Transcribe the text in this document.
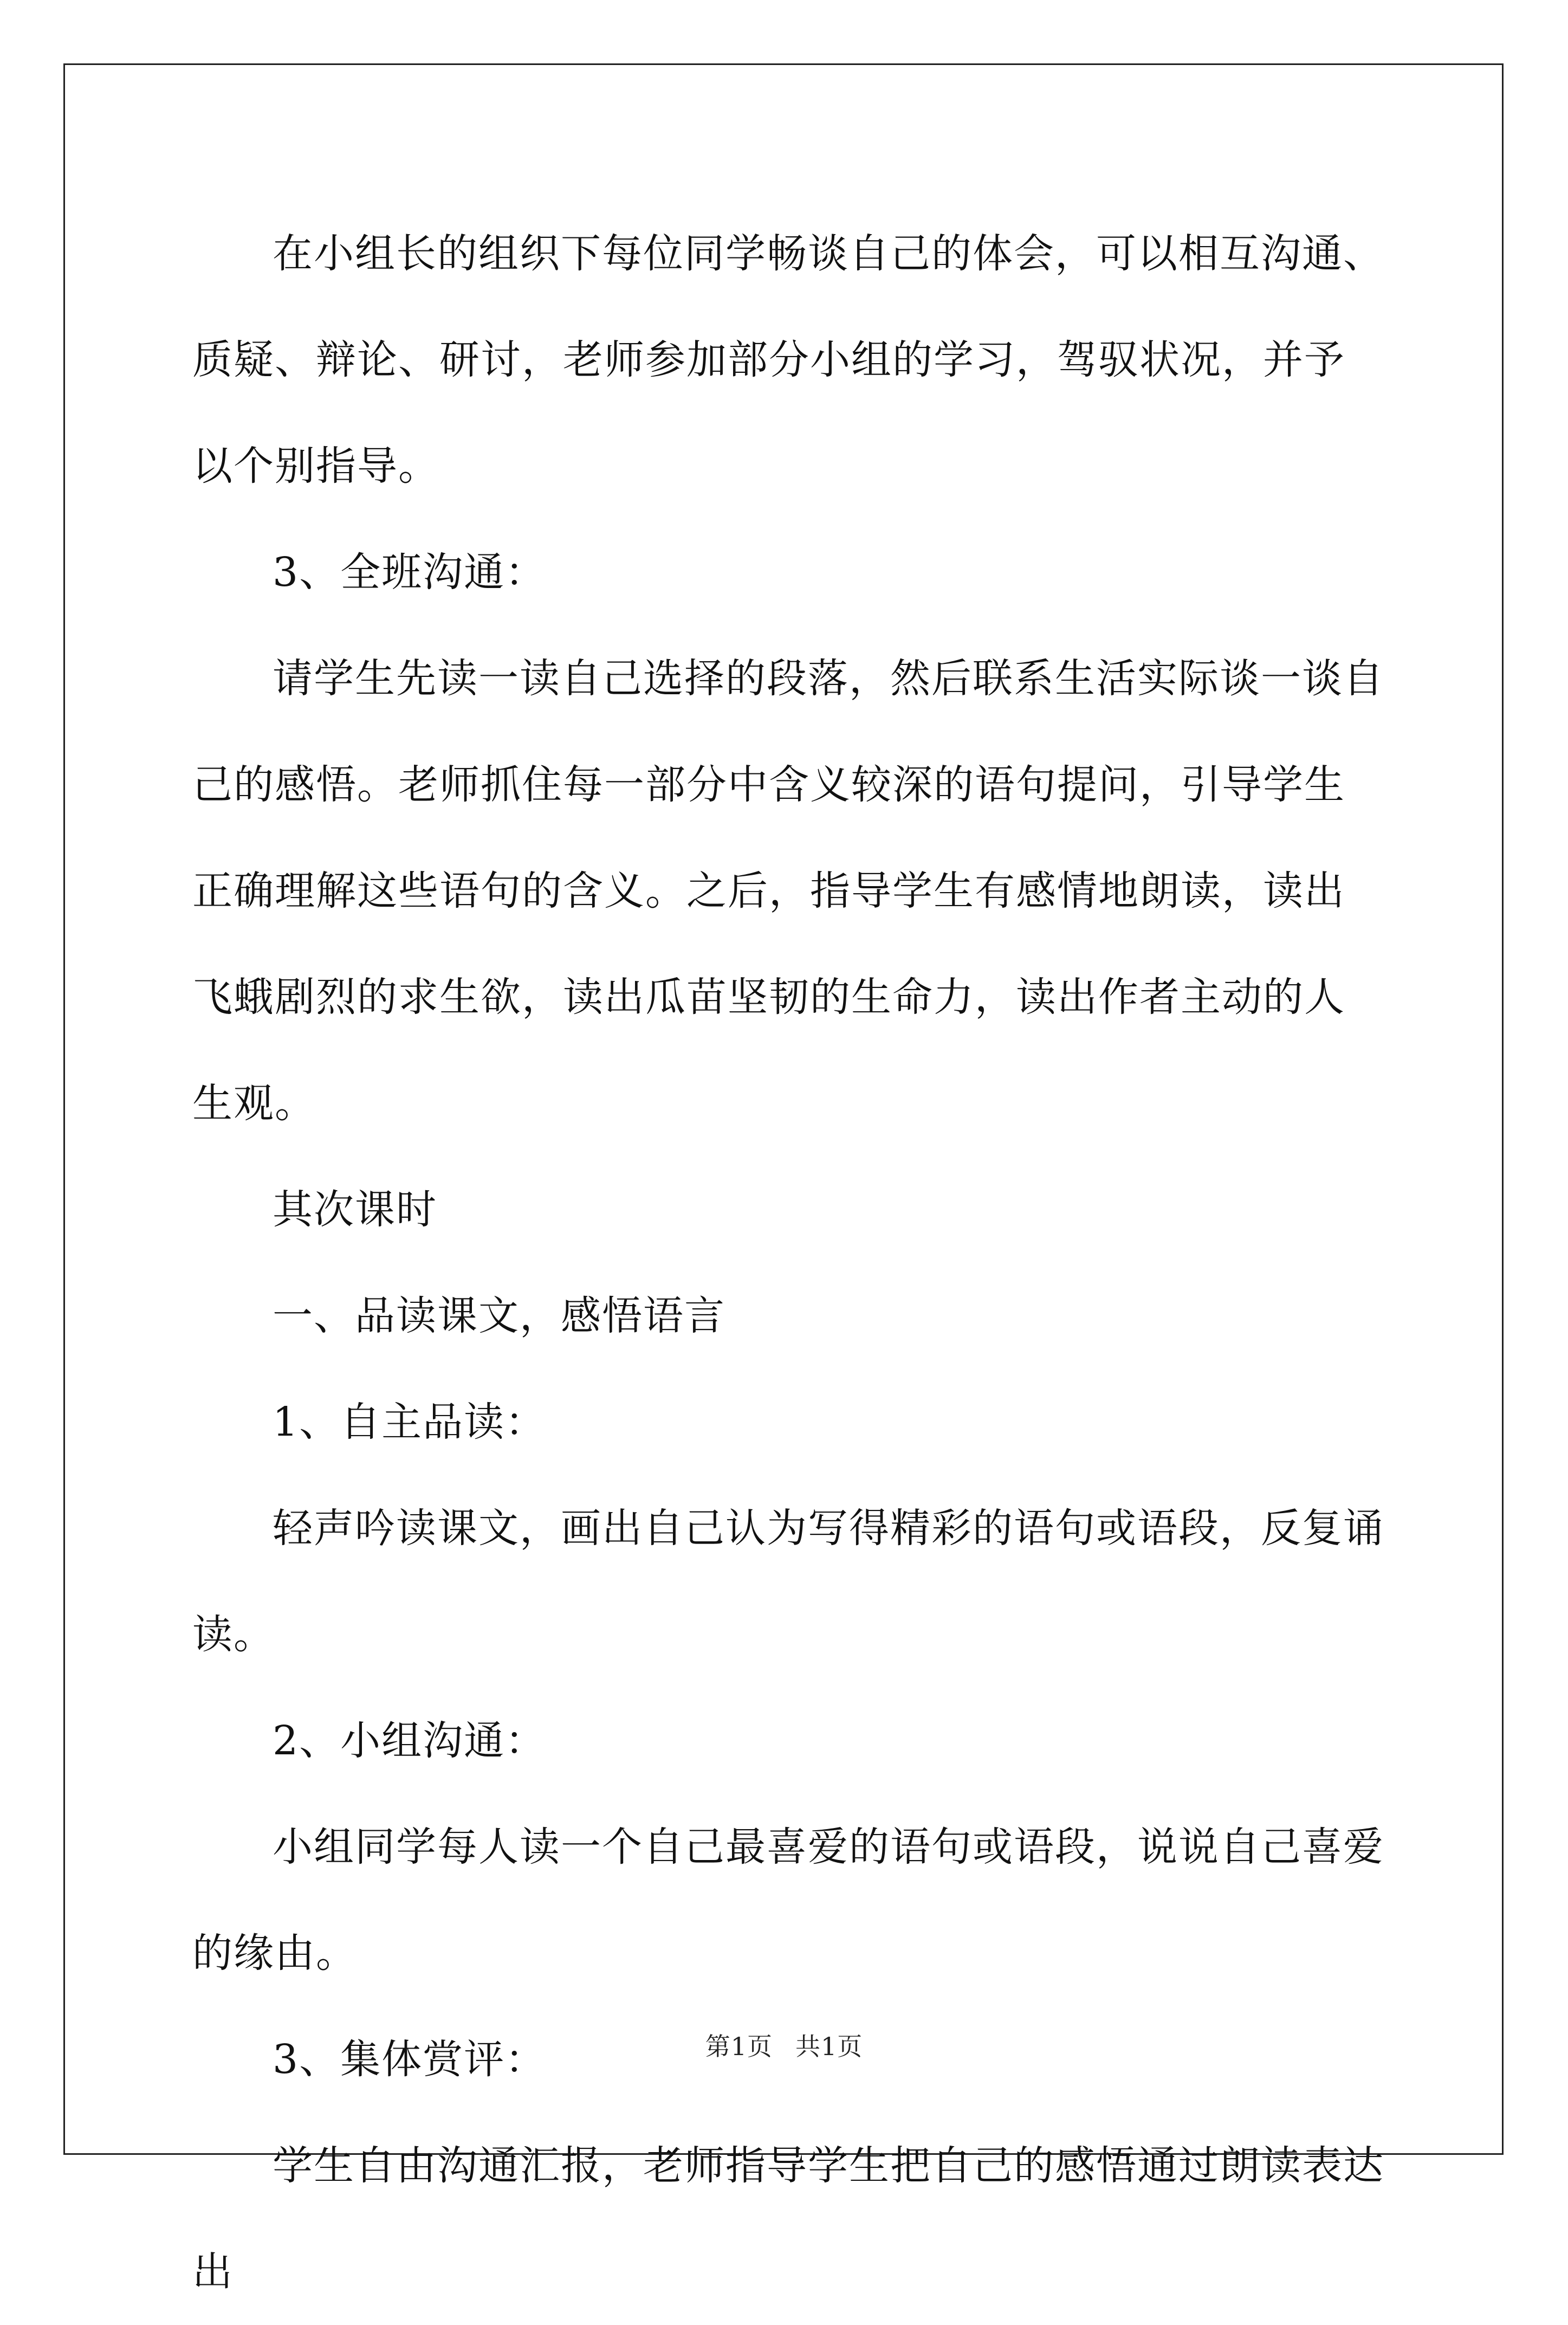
在小组长的组织下每位同学畅谈自己的体会，可以相互沟通、质疑、辩论、研讨，老师参加部分小组的学习，驾驭状况，并予以个别指导。

3、全班沟通：

请学生先读一读自己选择的段落，然后联系生活实际谈一谈自己的感悟。老师抓住每一部分中含义较深的语句提问，引导学生正确理解这些语句的含义。之后，指导学生有感情地朗读，读出飞蛾剧烈的求生欲，读出瓜苗坚韧的生命力，读出作者主动的人生观。

其次课时

一、品读课文，感悟语言

1、自主品读：

轻声吟读课文，画出自己认为写得精彩的语句或语段，反复诵读。

2、小组沟通：

小组同学每人读一个自己最喜爱的语句或语段，说说自己喜爱的缘由。

3、集体赏评：

学生自由沟通汇报，老师指导学生把自己的感悟通过朗读表达出

第1页 共1页
